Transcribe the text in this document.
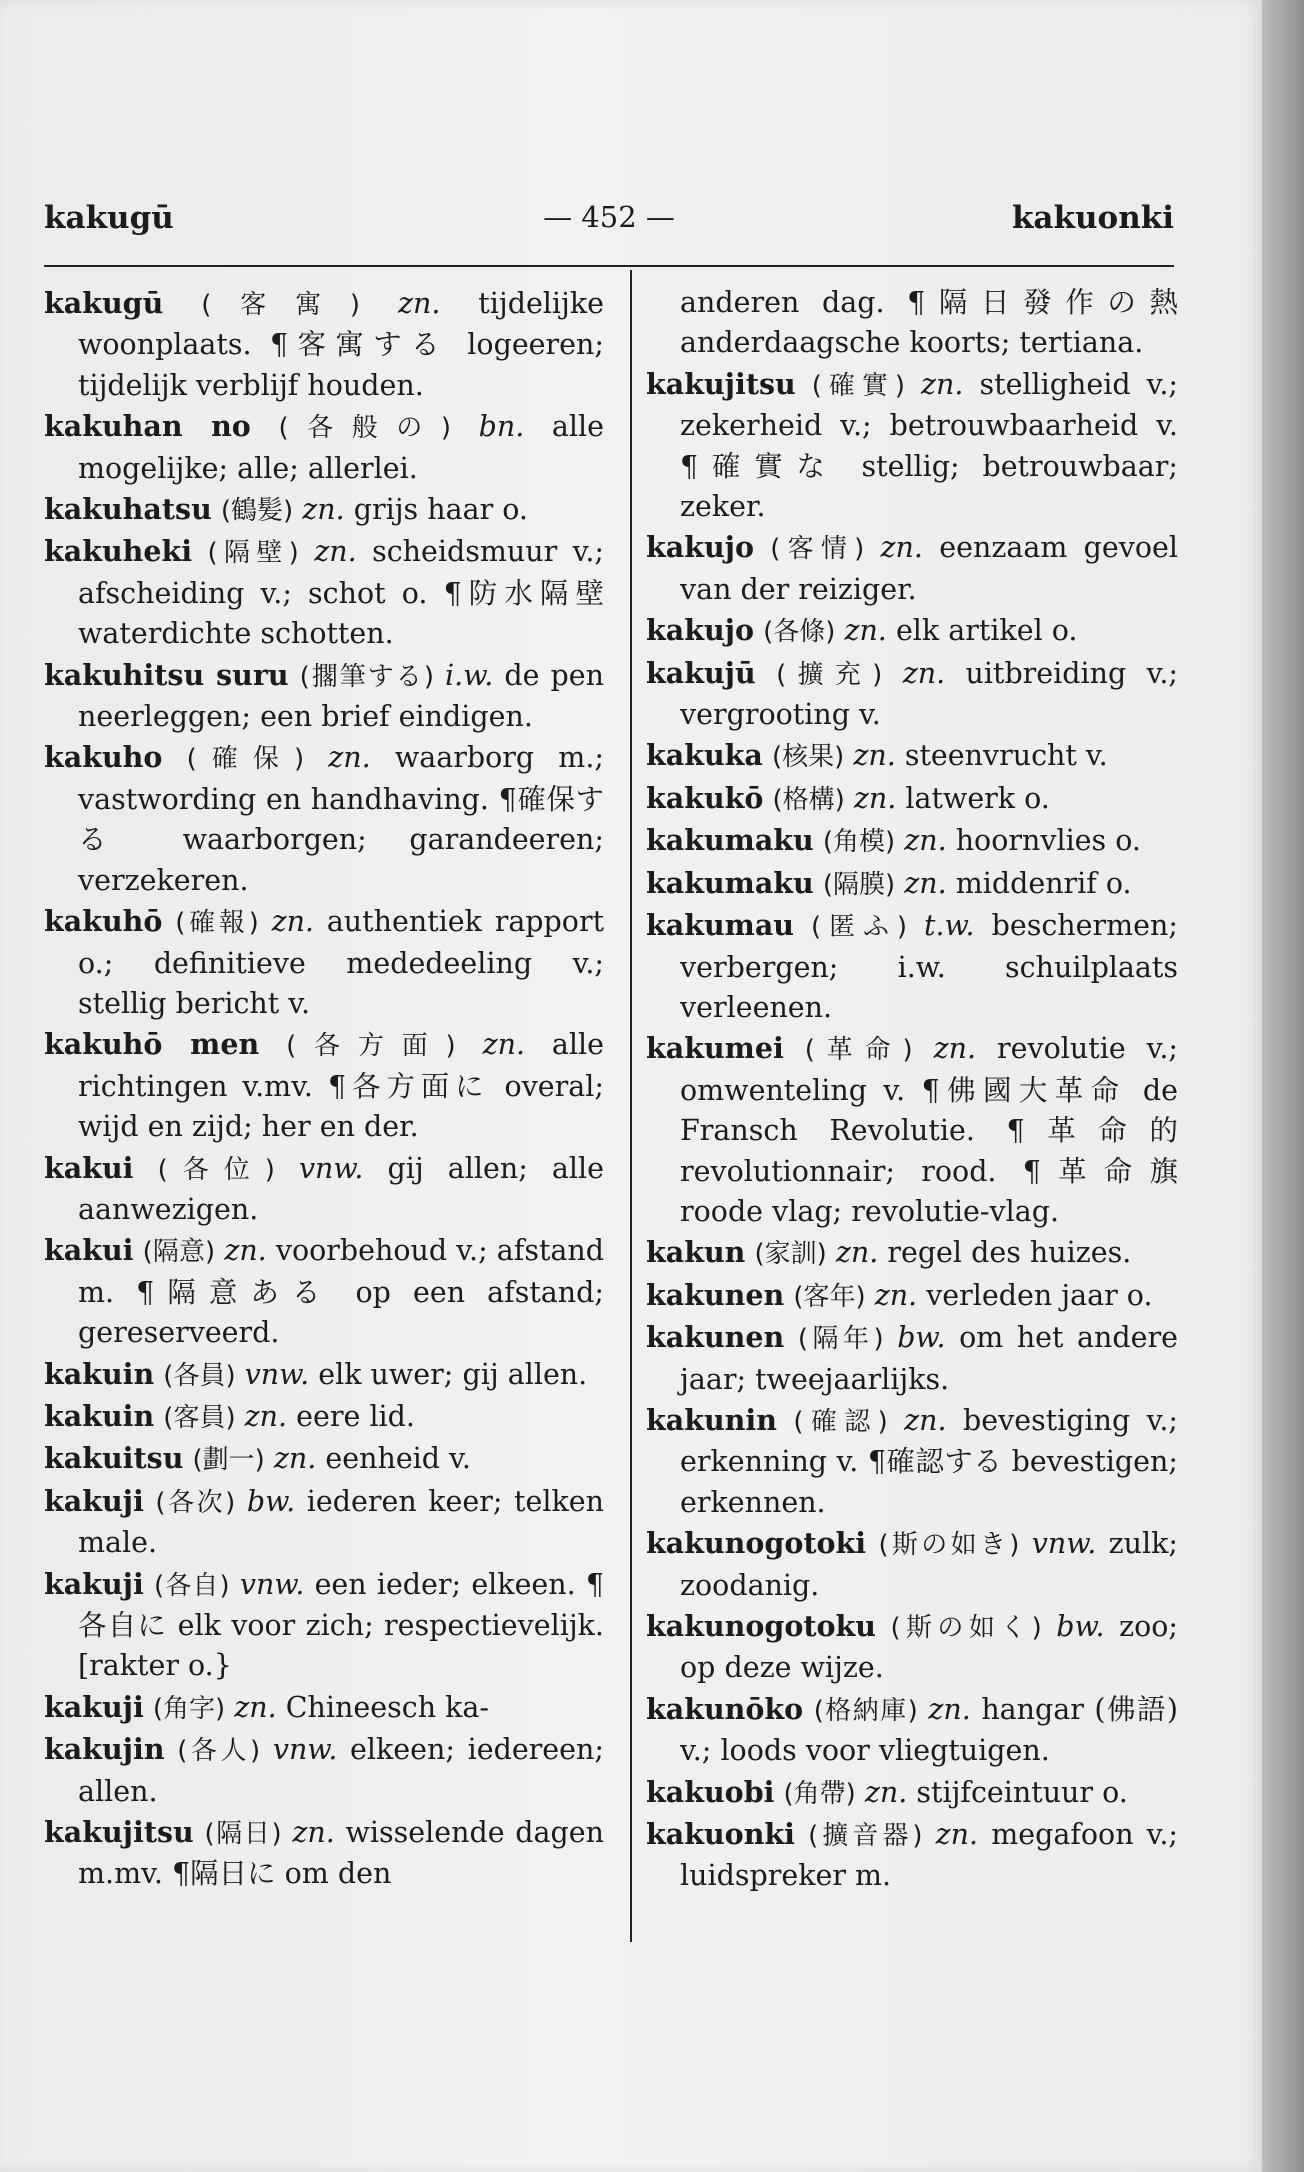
kakugū	— 452 —	kakuonki
kakugū (客寓) zn. tijdelijke woonplaats. ¶客寓する logeeren; tijdelijk verblijf houden.
kakuhan no (各般の) bn. alle mogelijke; alle; allerlei.
kakuhatsu (鶴髪) zn. grijs haar o.
kakuheki (隔壁) zn. scheidsmuur v.; afscheiding v.; schot o. ¶防水隔壁 waterdichte schotten.
kakuhitsu suru (擱筆する) i.w. de pen neerleggen; een brief eindigen.
kakuho (確保) zn. waarborg m.; vastwording en handhaving. ¶確保する waarborgen; garandeeren; verzekeren.
kakuhō (確報) zn. authentiek rapport o.; definitieve mededeeling v.; stellig bericht v.
kakuhō men (各方面) zn. alle richtingen v.mv. ¶各方面に overal; wijd en zijd; her en der.
kakui (各位) vnw. gij allen; alle aanwezigen.
kakui (隔意) zn. voorbehoud v.; afstand m. ¶隔意ある op een afstand; gereserveerd.
kakuin (各員) vnw. elk uwer; gij allen.
kakuin (客員) zn. eere lid.
kakuitsu (劃一) zn. eenheid v.
kakuji (各次) bw. iederen keer; telken male.
kakuji (各自) vnw. een ieder; elkeen. ¶各自に elk voor zich; respectievelijk. [rakter o.}
kakuji (角字) zn. Chineesch ka-
kakujin (各人) vnw. elkeen; iedereen; allen.
kakujitsu (隔日) zn. wisselende dagen m.mv. ¶隔日に om den
anderen dag. ¶隔日發作の熱 anderdaagsche koorts; tertiana.
kakujitsu (確實) zn. stelligheid v.; zekerheid v.; betrouwbaarheid v. ¶確實な stellig; betrouwbaar; zeker.
kakujo (客情) zn. eenzaam gevoel van der reiziger.
kakujo (各條) zn. elk artikel o.
kakujū (擴充) zn. uitbreiding v.; vergrooting v.
kakuka (核果) zn. steenvrucht v.
kakukō (格構) zn. latwerk o.
kakumaku (角模) zn. hoornvlies o.
kakumaku (隔膜) zn. middenrif o.
kakumau (匿ふ) t.w. beschermen; verbergen; i.w. schuilplaats verleenen.
kakumei (革命) zn. revolutie v.; omwenteling v. ¶佛國大革命 de Fransch Revolutie. ¶革命的 revolutionnair; rood. ¶革命旗 roode vlag; revolutie-vlag.
kakun (家訓) zn. regel des huizes.
kakunen (客年) zn. verleden jaar o.
kakunen (隔年) bw. om het andere jaar; tweejaarlijks.
kakunin (確認) zn. bevestiging v.; erkenning v. ¶確認する bevestigen; erkennen.
kakunogotoki (斯の如き) vnw. zulk; zoodanig.
kakunogotoku (斯の如く) bw. zoo; op deze wijze.
kakunōko (格納庫) zn. hangar (佛語) v.; loods voor vliegtuigen.
kakuobi (角帶) zn. stijfceintuur o.
kakuonki (擴音器) zn. megafoon v.; luidspreker m.
